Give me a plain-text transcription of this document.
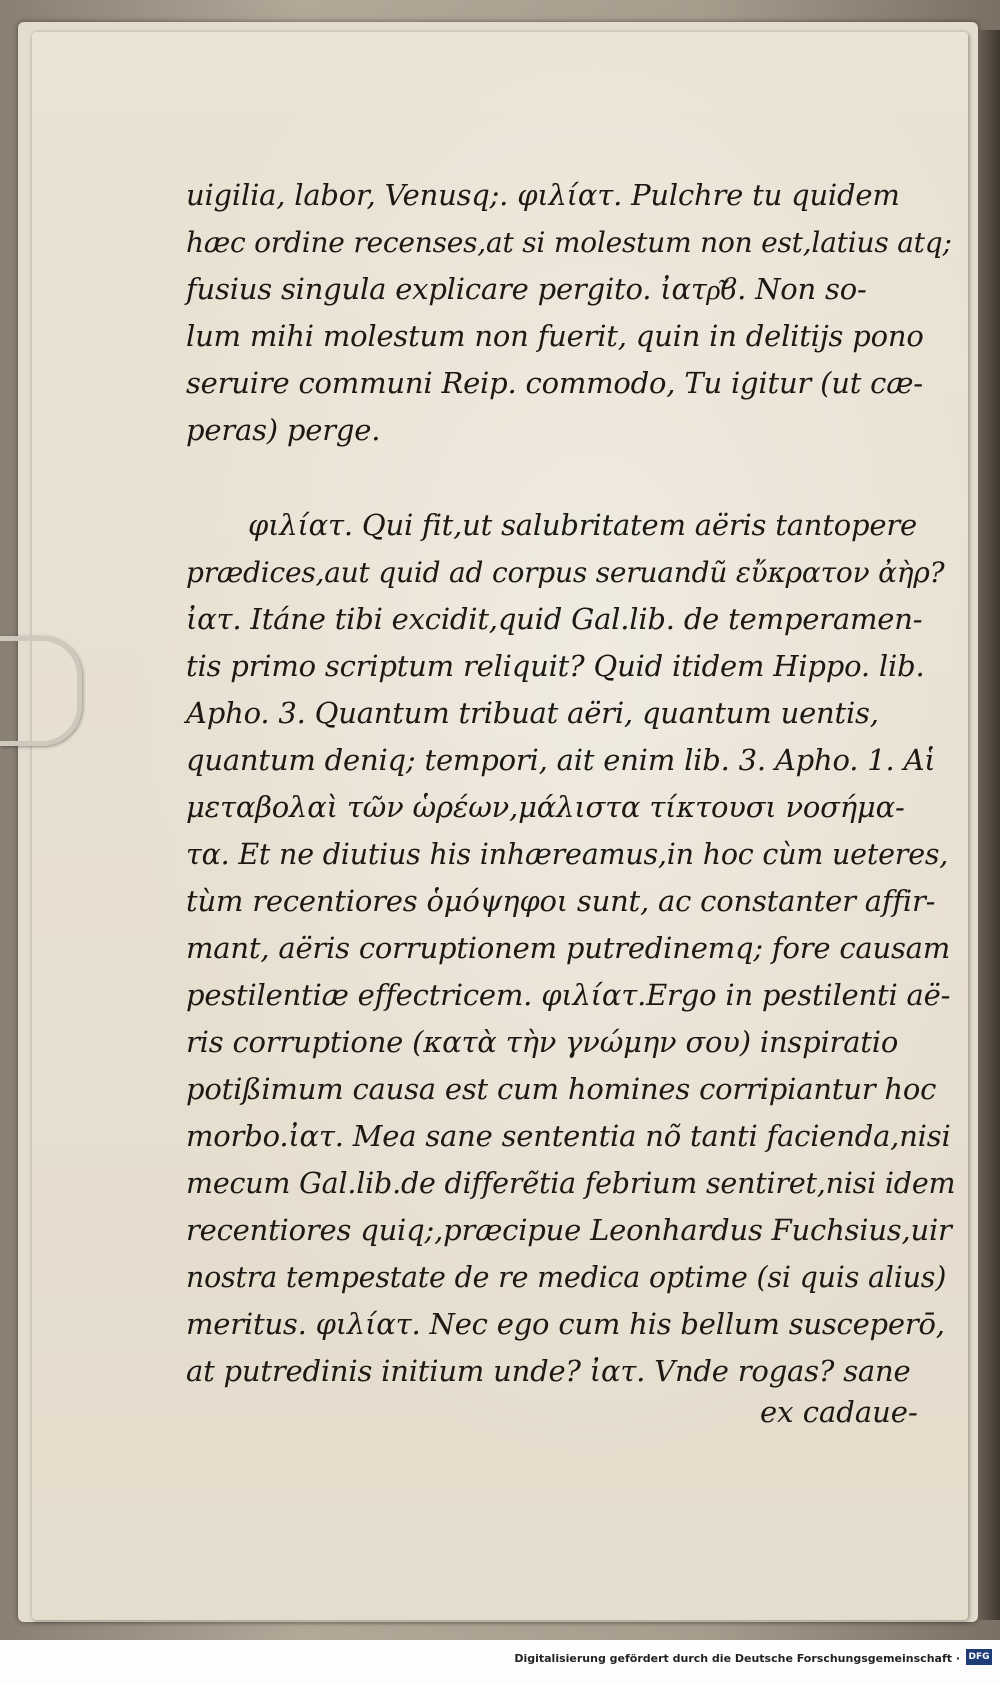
uigilia, labor, Venusq;. φιλίατ. Pulchre tu quidem
hæc ordine recenses,at si molestum non est,latius atq;
fusius singula explicare pergito. ἰατρ͂ϐ. Non so-
lum mihi molestum non fuerit, quin in delitijs pono
seruire communi Reip. commodo, Tu igitur (ut cæ-
peras) perge.
φιλίατ. Qui fit,ut salubritatem aëris tantopere
prædices,aut quid ad corpus seruandũ εὔκρατον ἀὴρ?
ἰατ. Itáne tibi excidit,quid Gal.lib. de temperamen-
tis primo scriptum reliquit? Quid itidem Hippo. lib.
Apho. 3. Quantum tribuat aëri, quantum uentis,
quantum deniq; tempori, ait enim lib. 3. Apho. 1. Αἱ
μεταβολαὶ τῶν ὡρέων,μάλιστα τίκτουσι νοσήμα-
τα. Et ne diutius his inhæreamus,in hoc cùm ueteres,
tùm recentiores ὁμόψηφοι sunt, ac constanter affir-
mant, aëris corruptionem putredinemq; fore causam
pestilentiæ effectricem. φιλίατ.Ergo in pestilenti aë-
ris corruptione (κατὰ τὴν γνώμην σου) inspiratio
potißimum causa est cum homines corripiantur hoc
morbo.ἰατ. Mea sane sententia nõ tanti facienda,nisi
mecum Gal.lib.de differẽtia febrium sentiret,nisi idem
recentiores quiq;,præcipue Leonhardus Fuchsius,uir
nostra tempestate de re medica optime (si quis alius)
meritus. φιλίατ. Nec ego cum his bellum susceperō,
at putredinis initium unde? ἰατ. Vnde rogas? sane
ex cadaue-
Digitalisierung gefördert durch die Deutsche Forschungsgemeinschaft · DFG
